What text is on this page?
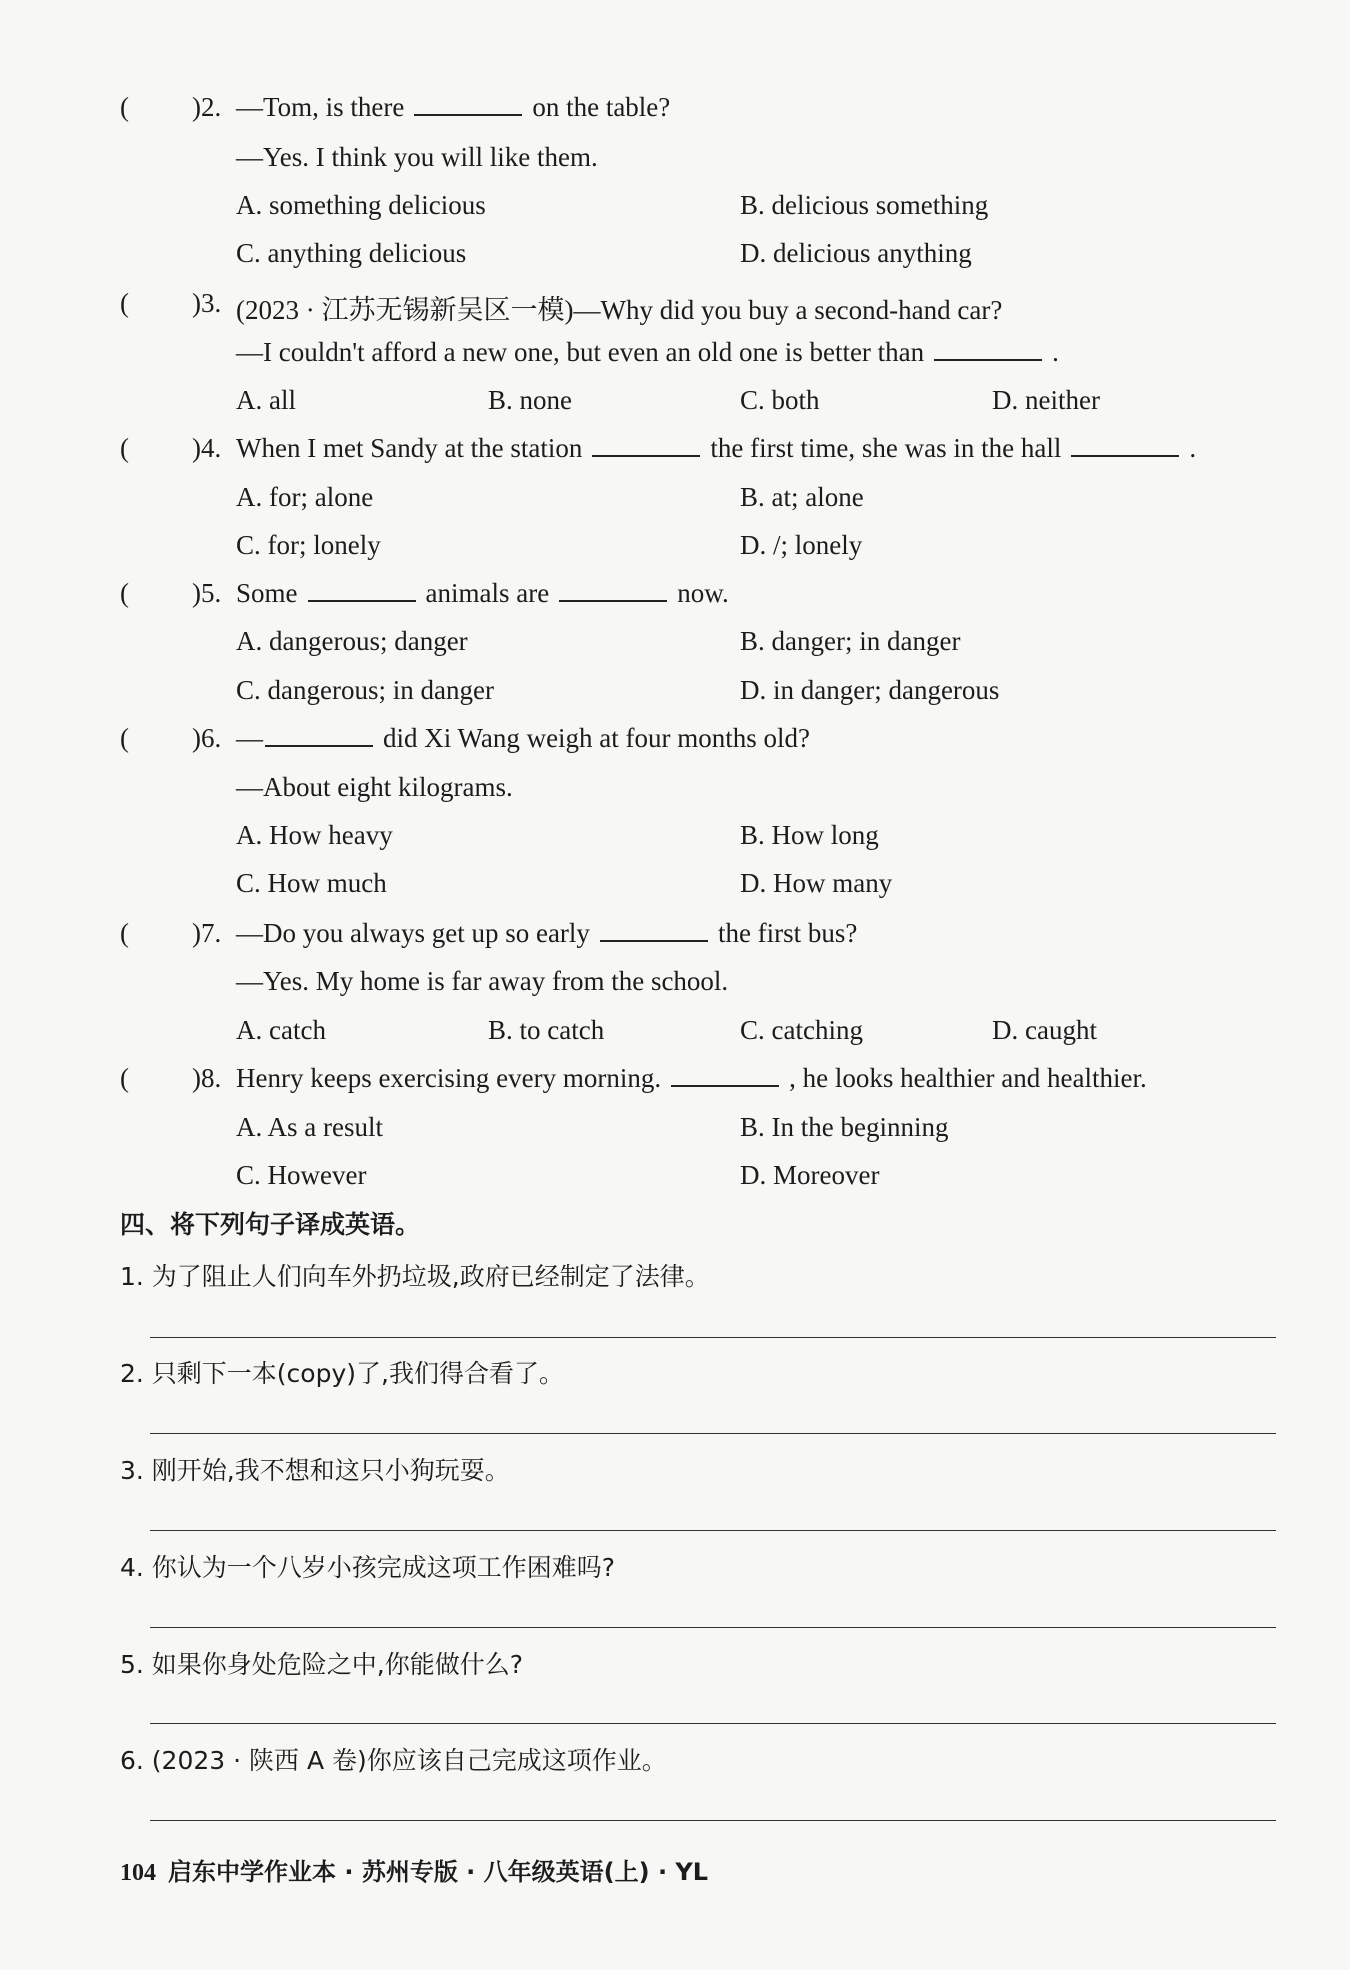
( )2. —Tom, is there	on the table?
—Yes. I think you will like them.
A. something delicious	B. delicious something
C. anything delicious	D. delicious anything
( )3. (2023 · 江苏无锡新吴区一模)—Why did you buy a second-hand car?
—I couldn't afford a new one, but even an old one is better than	.
A. all	B. none	C. both	D. neither
( )4. When I met Sandy at the station	the first time, she was in the hall	.
A. for; alone	B. at; alone
C. for; lonely	D. /; lonely
( )5. Some	animals are	now.
A. dangerous; danger	B. danger; in danger
C. dangerous; in danger	D. in danger; dangerous
( )6. —	did Xi Wang weigh at four months old?
—About eight kilograms.
A. How heavy	B. How long
C. How much	D. How many
( )7. —Do you always get up so early	the first bus?
—Yes. My home is far away from the school.
A. catch	B. to catch	C. catching	D. caught
( )8. Henry keeps exercising every morning.	, he looks healthier and healthier.
A. As a result	B. In the beginning
C. However	D. Moreover
四、将下列句子译成英语。
1. 为了阻止人们向车外扔垃圾,政府已经制定了法律。
2. 只剩下一本(copy)了,我们得合看了。
3. 刚开始,我不想和这只小狗玩耍。
4. 你认为一个八岁小孩完成这项工作困难吗?
5. 如果你身处危险之中,你能做什么?
6. (2023 · 陕西 A 卷)你应该自己完成这项作业。
104 启东中学作业本 · 苏州专版 · 八年级英语(上) · YL
